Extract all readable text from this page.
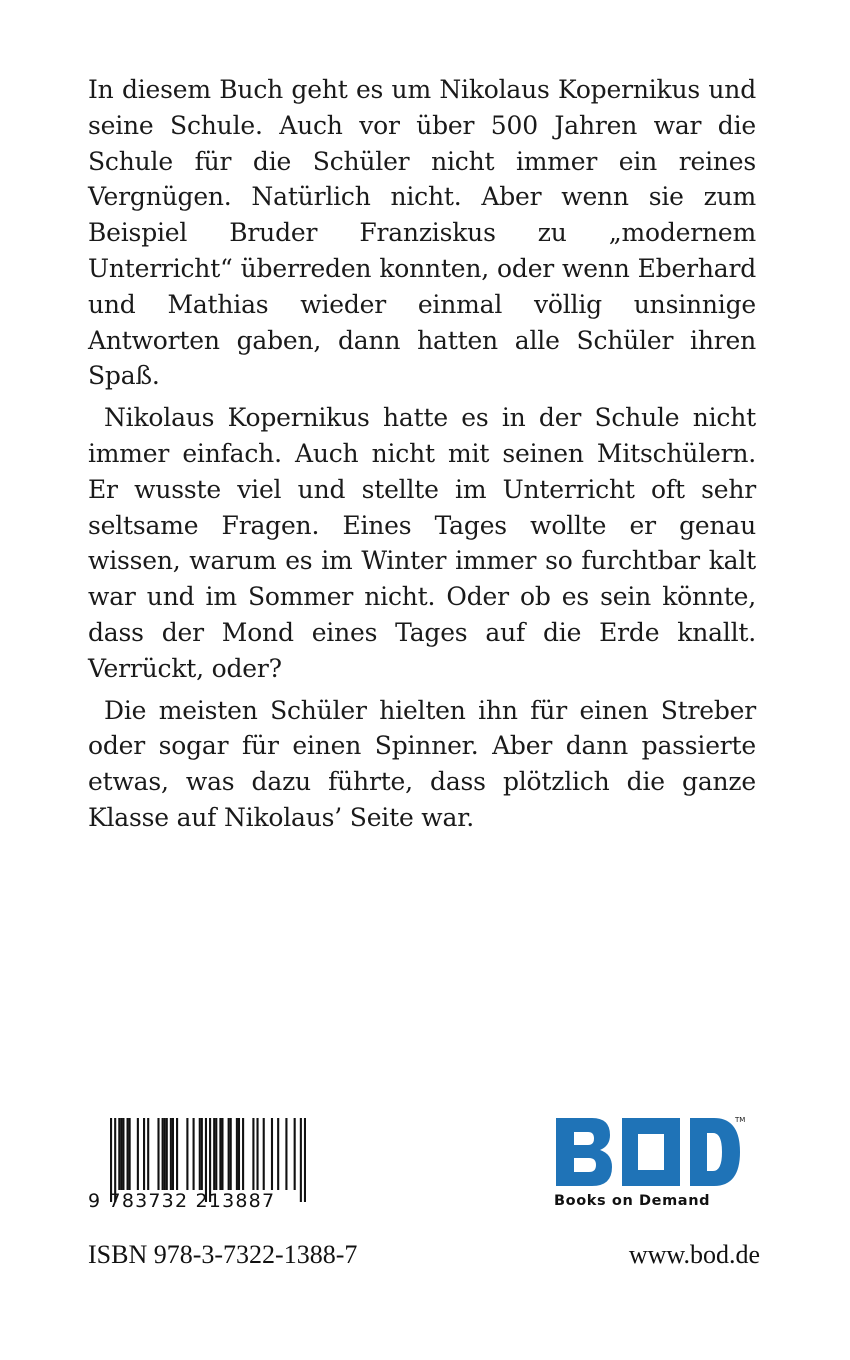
In diesem Buch geht es um Nikolaus Kopernikus und seine Schule. Auch vor über 500 Jahren war die Schule für die Schüler nicht immer ein reines Vergnügen. Natürlich nicht. Aber wenn sie zum Beispiel Bruder Franziskus zu „modernem Unterricht“ überreden konnten, oder wenn Eberhard und Mathias wieder einmal völlig unsinnige Antworten gaben, dann hatten alle Schüler ihren Spaß.

Nikolaus Kopernikus hatte es in der Schule nicht immer einfach. Auch nicht mit seinen Mitschülern. Er wusste viel und stellte im Unterricht oft sehr seltsame Fragen. Eines Tages wollte er genau wissen, warum es im Winter immer so furchtbar kalt war und im Sommer nicht. Oder ob es sein könnte, dass der Mond eines Tages auf die Erde knallt. Verrückt, oder?

Die meisten Schüler hielten ihn für einen Streber oder sogar für einen Spinner. Aber dann passierte etwas, was dazu führte, dass plötzlich die ganze Klasse auf Nikolaus’ Seite war.

9 783732 213887
TM
Books on Demand
ISBN 978-3-7322-1388-7	www.bod.de
